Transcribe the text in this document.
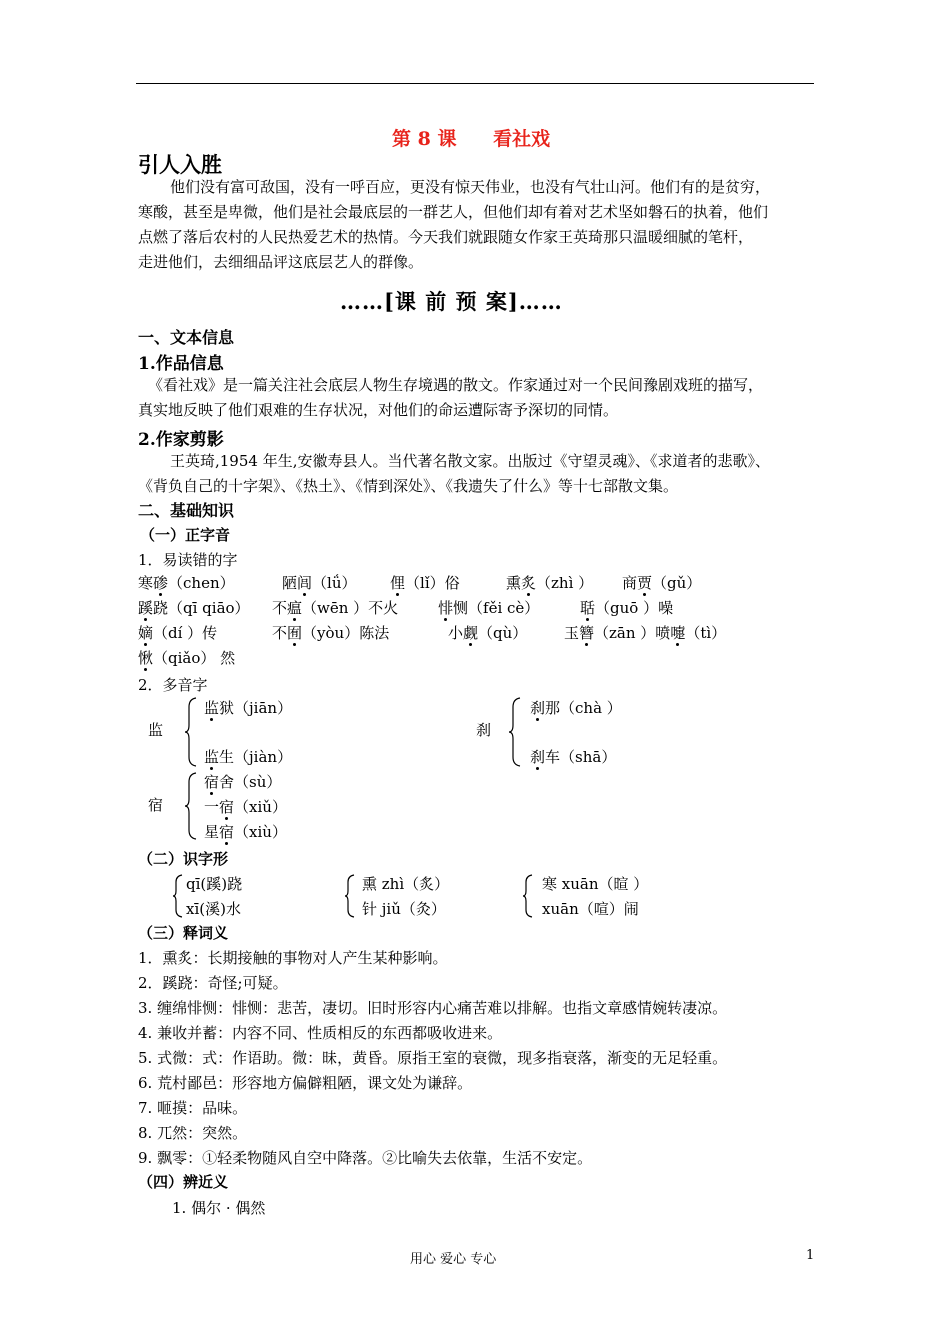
第 8 课 看社戏
引人入胜
他们没有富可敌国，没有一呼百应，更没有惊天伟业，也没有气壮山河。他们有的是贫穷，
寒酸，甚至是卑微，他们是社会最底层的一群艺人，但他们却有着对艺术坚如磐石的执着，他们
点燃了落后农村的人民热爱艺术的热情。今天我们就跟随女作家王英琦那只温暖细腻的笔杆，
走进他们，去细细品评这底层艺人的群像。
……[课 前 预 案]……
一、文本信息
1.作品信息
《看社戏》是一篇关注社会底层人物生存境遇的散文。作家通过对一个民间豫剧戏班的描写，
真实地反映了他们艰难的生存状况，对他们的命运遭际寄予深切的同情。
2.作家剪影
王英琦,1954 年生,安徽寿县人。当代著名散文家。出版过《守望灵魂》、《求道者的悲歌》、
《背负自己的十字架》、《热土》、《情到深处》、《我遗失了什么》等十七部散文集。
二、基础知识
（一）正字音
1．易读错的字
寒碜（chen）	陋闾（lǘ） 俚（lǐ）俗	熏炙（zhì ） 商贾（gǔ）
蹊跷（qī qiāo） 不瘟（wēn ）不火	悱恻（fěi cè）	聒（guō ）噪
嫡（dí ）传	不囿（yòu）陈法	小觑（qù） 玉簪（zān ）喷嚏（tì）
愀（qiǎo） 然
2．多音字
监
监狱（jiān）
监生（jiàn）
刹
刹那（chà ）
刹车（shā）
宿
宿舍（sù）
一宿（xiǔ）
星宿（xiù）
（二）识字形
qī(蹊)跷
xī(溪)水
熏 zhì（炙）
针 jiǔ（灸）
寒 xuān（暄 ）
xuān（喧）闹
（三）释词义
1．熏炙：长期接触的事物对人产生某种影响。
2．蹊跷：奇怪;可疑。
3. 缠绵悱恻：悱恻：悲苦，凄切。旧时形容内心痛苦难以排解。也指文章感情婉转凄凉。
4. 兼收并蓄：内容不同、性质相反的东西都吸收进来。
5. 式微：式：作语助。微：昧，黄昏。原指王室的衰微，现多指衰落，渐变的无足轻重。
6. 荒村鄙邑：形容地方偏僻粗陋，课文处为谦辞。
7. 咂摸：品味。
8. 兀然：突然。
9. 飘零：①轻柔物随风自空中降落。②比喻失去依靠，生活不安定。
（四）辨近义
1. 偶尔 · 偶然
用心 爱心 专心	1
